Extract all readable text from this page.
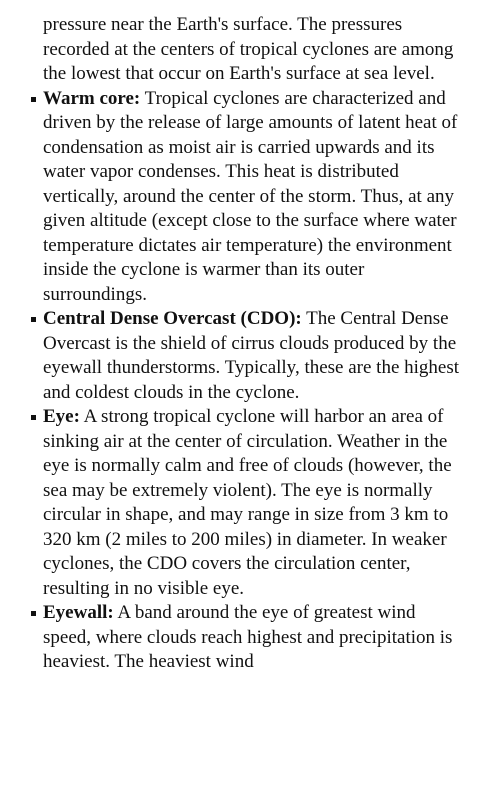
pressure near the Earth's surface. The pressures recorded at the centers of tropical cyclones are among the lowest that occur on Earth's surface at sea level.

Warm core: Tropical cyclones are characterized and driven by the release of large amounts of latent heat of condensation as moist air is carried upwards and its water vapor condenses. This heat is distributed vertically, around the center of the storm. Thus, at any given altitude (except close to the surface where water temperature dictates air temperature) the environment inside the cyclone is warmer than its outer surroundings.
Central Dense Overcast (CDO): The Central Dense Overcast is the shield of cirrus clouds produced by the eyewall thunderstorms. Typically, these are the highest and coldest clouds in the cyclone.
Eye: A strong tropical cyclone will harbor an area of sinking air at the center of circulation. Weather in the eye is normally calm and free of clouds (however, the sea may be extremely violent). The eye is normally circular in shape, and may range in size from 3 km to 320 km (2 miles to 200 miles) in diameter. In weaker cyclones, the CDO covers the circulation center, resulting in no visible eye.
Eyewall: A band around the eye of greatest wind speed, where clouds reach highest and precipitation is heaviest. The heaviest wind
